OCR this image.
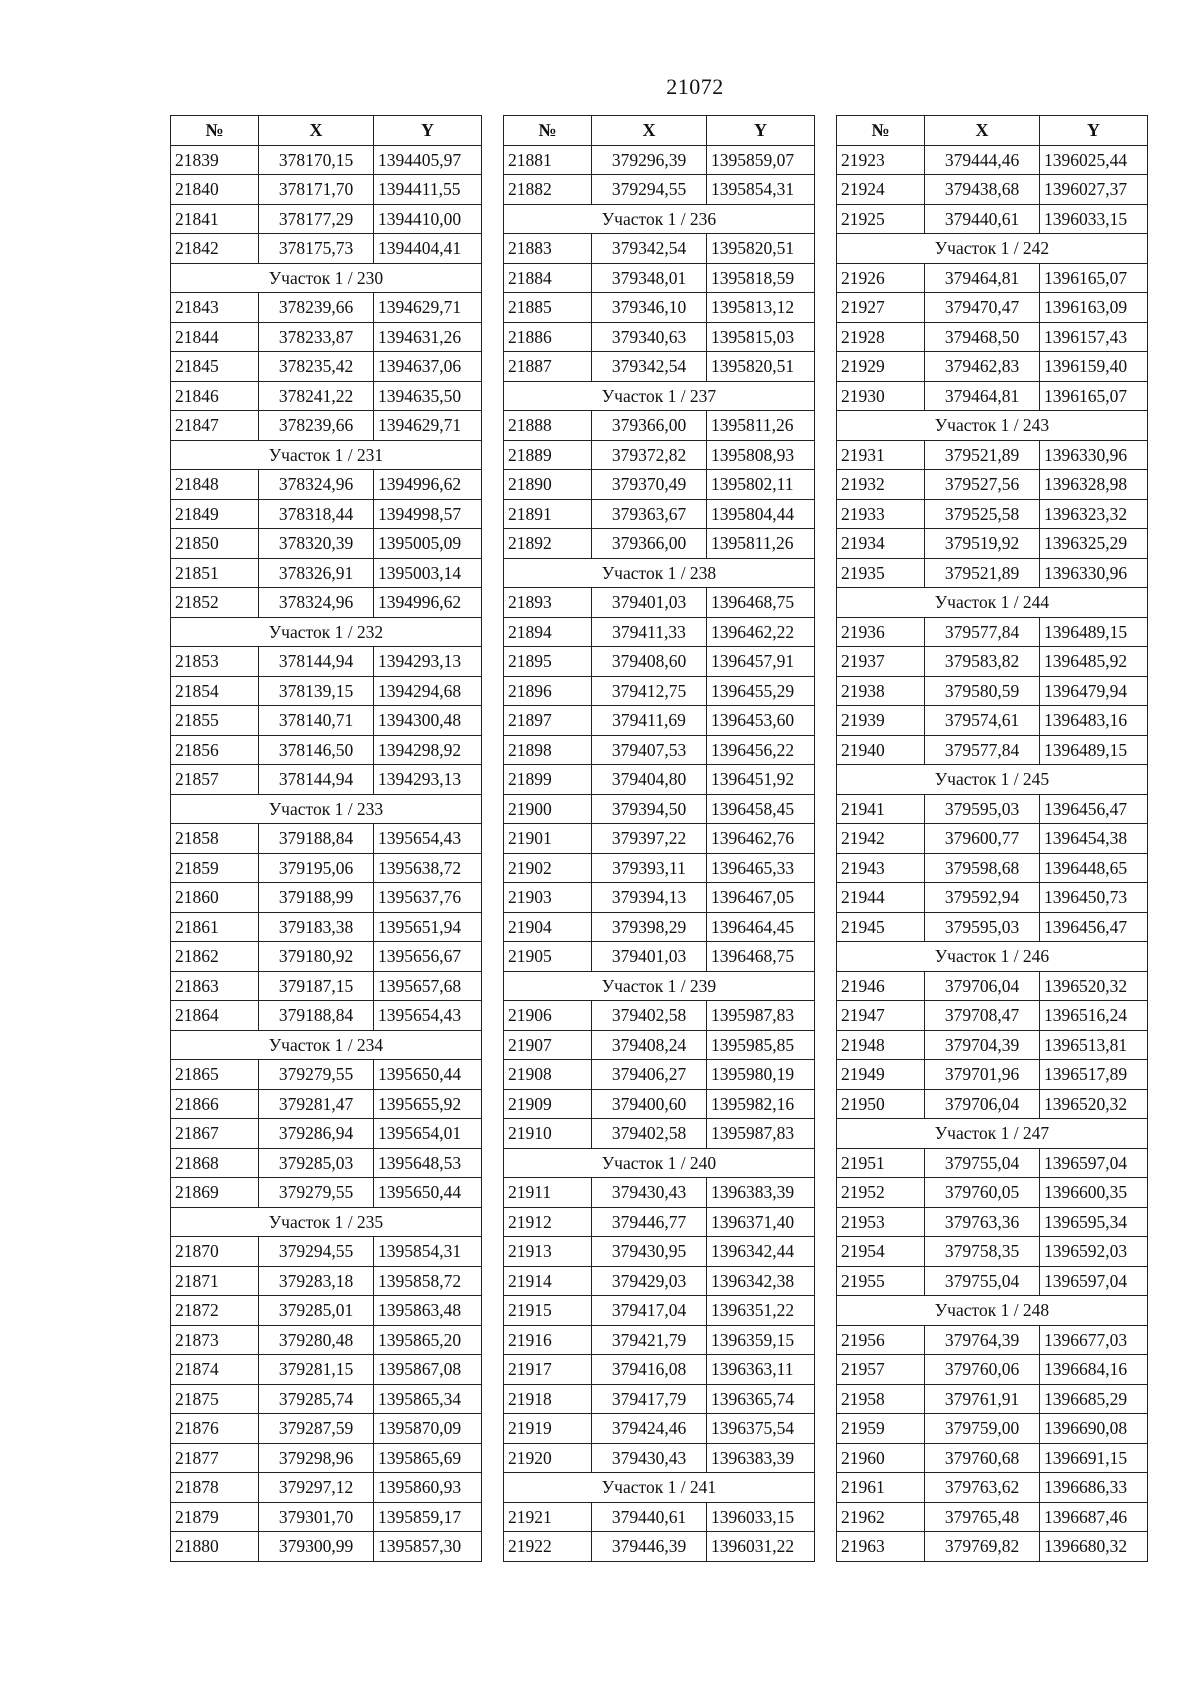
21072
№	X	Y
21839	378170,15	1394405,97
21840	378171,70	1394411,55
21841	378177,29	1394410,00
21842	378175,73	1394404,41
Участок 1 / 230		
21843	378239,66	1394629,71
21844	378233,87	1394631,26
21845	378235,42	1394637,06
21846	378241,22	1394635,50
21847	378239,66	1394629,71
Участок 1 / 231		
21848	378324,96	1394996,62
21849	378318,44	1394998,57
21850	378320,39	1395005,09
21851	378326,91	1395003,14
21852	378324,96	1394996,62
Участок 1 / 232		
21853	378144,94	1394293,13
21854	378139,15	1394294,68
21855	378140,71	1394300,48
21856	378146,50	1394298,92
21857	378144,94	1394293,13
Участок 1 / 233		
21858	379188,84	1395654,43
21859	379195,06	1395638,72
21860	379188,99	1395637,76
21861	379183,38	1395651,94
21862	379180,92	1395656,67
21863	379187,15	1395657,68
21864	379188,84	1395654,43
Участок 1 / 234		
21865	379279,55	1395650,44
21866	379281,47	1395655,92
21867	379286,94	1395654,01
21868	379285,03	1395648,53
21869	379279,55	1395650,44
Участок 1 / 235		
21870	379294,55	1395854,31
21871	379283,18	1395858,72
21872	379285,01	1395863,48
21873	379280,48	1395865,20
21874	379281,15	1395867,08
21875	379285,74	1395865,34
21876	379287,59	1395870,09
21877	379298,96	1395865,69
21878	379297,12	1395860,93
21879	379301,70	1395859,17
21880	379300,99	1395857,30
№	X	Y
21881	379296,39	1395859,07
21882	379294,55	1395854,31
Участок 1 / 236		
21883	379342,54	1395820,51
21884	379348,01	1395818,59
21885	379346,10	1395813,12
21886	379340,63	1395815,03
21887	379342,54	1395820,51
Участок 1 / 237		
21888	379366,00	1395811,26
21889	379372,82	1395808,93
21890	379370,49	1395802,11
21891	379363,67	1395804,44
21892	379366,00	1395811,26
Участок 1 / 238		
21893	379401,03	1396468,75
21894	379411,33	1396462,22
21895	379408,60	1396457,91
21896	379412,75	1396455,29
21897	379411,69	1396453,60
21898	379407,53	1396456,22
21899	379404,80	1396451,92
21900	379394,50	1396458,45
21901	379397,22	1396462,76
21902	379393,11	1396465,33
21903	379394,13	1396467,05
21904	379398,29	1396464,45
21905	379401,03	1396468,75
Участок 1 / 239		
21906	379402,58	1395987,83
21907	379408,24	1395985,85
21908	379406,27	1395980,19
21909	379400,60	1395982,16
21910	379402,58	1395987,83
Участок 1 / 240		
21911	379430,43	1396383,39
21912	379446,77	1396371,40
21913	379430,95	1396342,44
21914	379429,03	1396342,38
21915	379417,04	1396351,22
21916	379421,79	1396359,15
21917	379416,08	1396363,11
21918	379417,79	1396365,74
21919	379424,46	1396375,54
21920	379430,43	1396383,39
Участок 1 / 241		
21921	379440,61	1396033,15
21922	379446,39	1396031,22
№	X	Y
21923	379444,46	1396025,44
21924	379438,68	1396027,37
21925	379440,61	1396033,15
Участок 1 / 242		
21926	379464,81	1396165,07
21927	379470,47	1396163,09
21928	379468,50	1396157,43
21929	379462,83	1396159,40
21930	379464,81	1396165,07
Участок 1 / 243		
21931	379521,89	1396330,96
21932	379527,56	1396328,98
21933	379525,58	1396323,32
21934	379519,92	1396325,29
21935	379521,89	1396330,96
Участок 1 / 244		
21936	379577,84	1396489,15
21937	379583,82	1396485,92
21938	379580,59	1396479,94
21939	379574,61	1396483,16
21940	379577,84	1396489,15
Участок 1 / 245		
21941	379595,03	1396456,47
21942	379600,77	1396454,38
21943	379598,68	1396448,65
21944	379592,94	1396450,73
21945	379595,03	1396456,47
Участок 1 / 246		
21946	379706,04	1396520,32
21947	379708,47	1396516,24
21948	379704,39	1396513,81
21949	379701,96	1396517,89
21950	379706,04	1396520,32
Участок 1 / 247		
21951	379755,04	1396597,04
21952	379760,05	1396600,35
21953	379763,36	1396595,34
21954	379758,35	1396592,03
21955	379755,04	1396597,04
Участок 1 / 248		
21956	379764,39	1396677,03
21957	379760,06	1396684,16
21958	379761,91	1396685,29
21959	379759,00	1396690,08
21960	379760,68	1396691,15
21961	379763,62	1396686,33
21962	379765,48	1396687,46
21963	379769,82	1396680,32
